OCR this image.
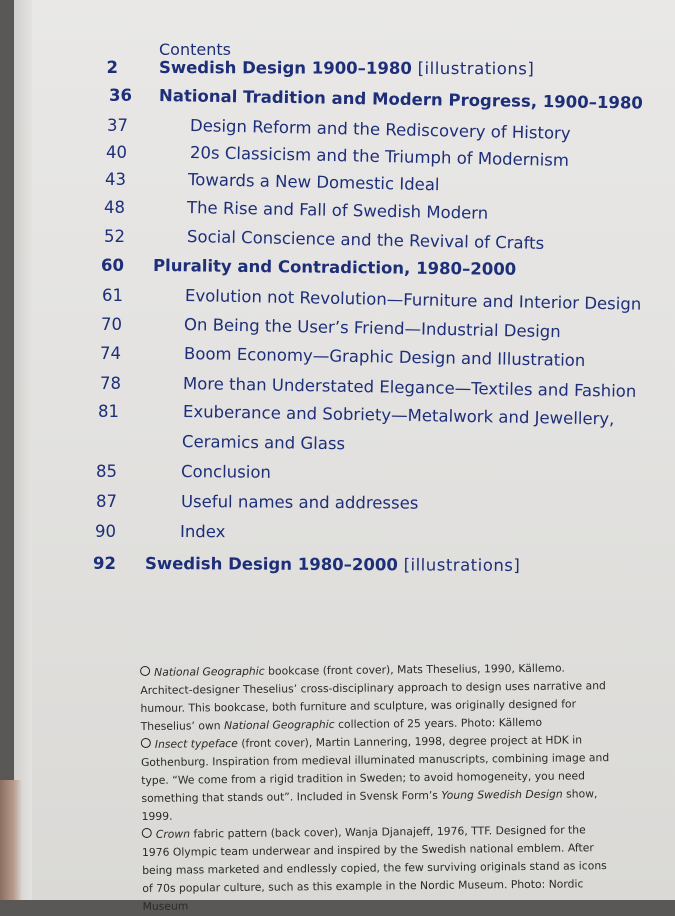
Contents
2 Swedish Design 1900–1980 [illustrations]
36 National Tradition and Modern Progress, 1900–1980
37	Design Reform and the Rediscovery of History
40	20s Classicism and the Triumph of Modernism
43	Towards a New Domestic Ideal
48	The Rise and Fall of Swedish Modern
52	Social Conscience and the Revival of Crafts
60 Plurality and Contradiction, 1980–2000
61	Evolution not Revolution—Furniture and Interior Design
70	On Being the User’s Friend—Industrial Design
74	Boom Economy—Graphic Design and Illustration
78	More than Understated Elegance—Textiles and Fashion
81	Exuberance and Sobriety—Metalwork and Jewellery,
Ceramics and Glass
85	Conclusion
87	Useful names and addresses
90	Index
92 Swedish Design 1980–2000 [illustrations]

National Geographic bookcase (front cover), Mats Theselius, 1990, Källemo. Architect-designer Theselius’ cross-disciplinary approach to design uses narrative and humour. This bookcase, both furniture and sculpture, was originally designed for Theselius’ own National Geographic collection of 25 years. Photo: Källemo

Insect typeface (front cover), Martin Lannering, 1998, degree project at HDK in Gothenburg. Inspiration from medieval illuminated manuscripts, combining image and type. “We come from a rigid tradition in Sweden; to avoid homogeneity, you need something that stands out”. Included in Svensk Form’s Young Swedish Design show, 1999.

Crown fabric pattern (back cover), Wanja Djanajeff, 1976, TTF. Designed for the 1976 Olympic team underwear and inspired by the Swedish national emblem. After being mass marketed and endlessly copied, the few surviving originals stand as icons of 70s popular culture, such as this example in the Nordic Museum. Photo: Nordic Museum
